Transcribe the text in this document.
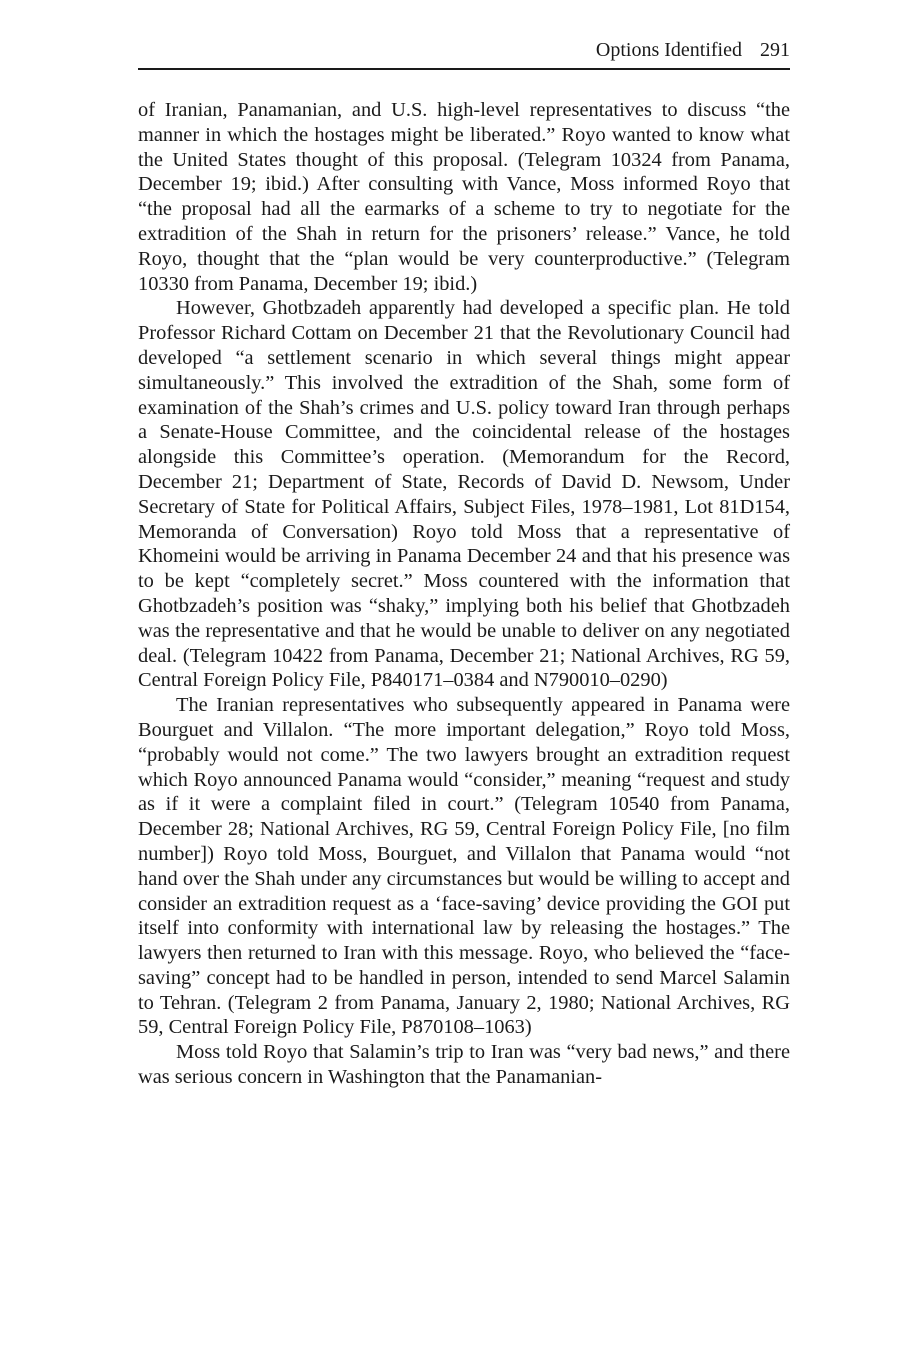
Options Identified 291

of Iranian, Panamanian, and U.S. high-level representatives to discuss “the manner in which the hostages might be liberated.” Royo wanted to know what the United States thought of this proposal. (Telegram 10324 from Panama, December 19; ibid.) After consulting with Vance, Moss informed Royo that “the proposal had all the earmarks of a scheme to try to negotiate for the extradition of the Shah in return for the prisoners’ release.” Vance, he told Royo, thought that the “plan would be very counterproductive.” (Telegram 10330 from Panama, December 19; ibid.)

However, Ghotbzadeh apparently had developed a specific plan. He told Professor Richard Cottam on December 21 that the Revolutionary Council had developed “a settlement scenario in which several things might appear simultaneously.” This involved the extradition of the Shah, some form of examination of the Shah’s crimes and U.S. policy toward Iran through perhaps a Senate-House Committee, and the coincidental release of the hostages alongside this Committee’s operation. (Memorandum for the Record, December 21; Department of State, Records of David D. Newsom, Under Secretary of State for Political Affairs, Subject Files, 1978–1981, Lot 81D154, Memoranda of Conversation) Royo told Moss that a representative of Khomeini would be arriving in Panama December 24 and that his presence was to be kept “completely secret.” Moss countered with the information that Ghotbzadeh’s position was “shaky,” implying both his belief that Ghotbzadeh was the representative and that he would be unable to deliver on any negotiated deal. (Telegram 10422 from Panama, December 21; National Archives, RG 59, Central Foreign Policy File, P840171–0384 and N790010–0290)

The Iranian representatives who subsequently appeared in Panama were Bourguet and Villalon. “The more important delegation,” Royo told Moss, “probably would not come.” The two lawyers brought an extradition request which Royo announced Panama would “consider,” meaning “request and study as if it were a complaint filed in court.” (Telegram 10540 from Panama, December 28; National Archives, RG 59, Central Foreign Policy File, [no film number]) Royo told Moss, Bourguet, and Villalon that Panama would “not hand over the Shah under any circumstances but would be willing to accept and consider an extradition request as a ‘face-saving’ device providing the GOI put itself into conformity with international law by releasing the hostages.” The lawyers then returned to Iran with this message. Royo, who believed the “face-saving” concept had to be handled in person, intended to send Marcel Salamin to Tehran. (Telegram 2 from Panama, January 2, 1980; National Archives, RG 59, Central Foreign Policy File, P870108–1063)

Moss told Royo that Salamin’s trip to Iran was “very bad news,” and there was serious concern in Washington that the Panamanian-
